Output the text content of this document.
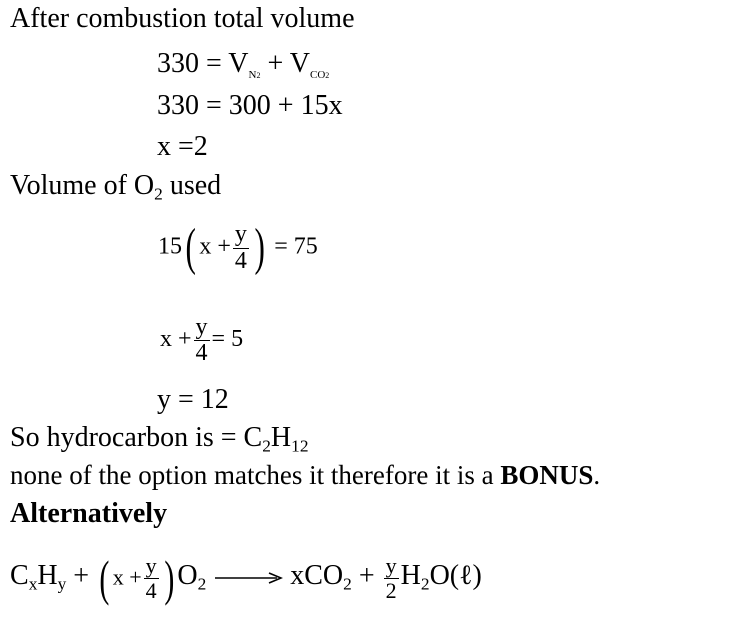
After combustion total volume
$330 = V_{N2} + V_{CO2}$
330 = 300 + 15x
x =2
Volume of $O_2$ used
15( $x + \frac{y}{4}$ ) = 75
$x + \frac{y}{4} = 5$
y = 12
So hydrocarbon is = $C_2H_{12}$
none of the option matches it therefore it is a BONUS.
Alternatively
$C_xH_y$ + ( $x + \frac{y}{4}$ ) $O_2 \to xCO_2 + \frac{y}{2}$ $H_2O(\ell)$
